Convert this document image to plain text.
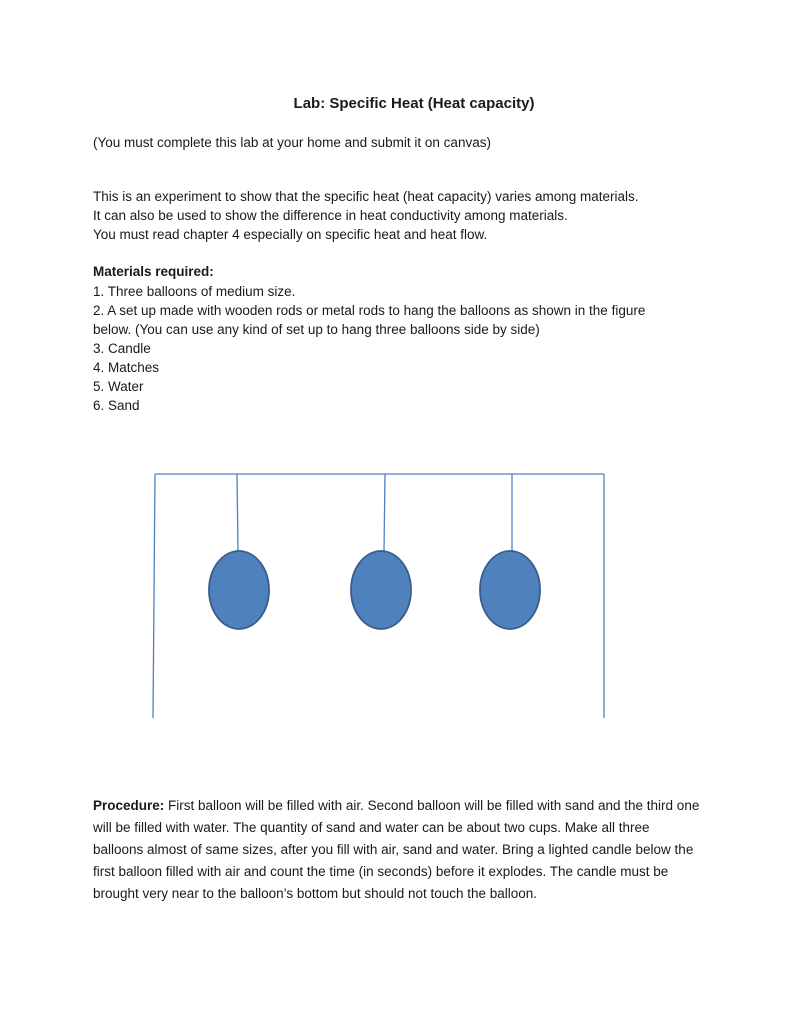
Lab: Specific Heat (Heat capacity)

(You must complete this lab at your home and submit it on canvas)

This is an experiment to show that the specific heat (heat capacity) varies among materials.

It can also be used to show the difference in heat conductivity among materials.

You must read chapter 4 especially on specific heat and heat flow.

Materials required:

1. Three balloons of medium size.

2. A set up made with wooden rods or metal rods to hang the balloons as shown in the figure

below. (You can use any kind of set up to hang three balloons side by side)

3. Candle

4. Matches

5. Water

6. Sand

Procedure: First balloon will be filled with air. Second balloon will be filled with sand and the third one will be filled with water. The quantity of sand and water can be about two cups. Make all three balloons almost of same sizes, after you fill with air, sand and water. Bring a lighted candle below the first balloon filled with air and count the time (in seconds) before it explodes. The candle must be brought very near to the balloon’s bottom but should not touch the balloon.
